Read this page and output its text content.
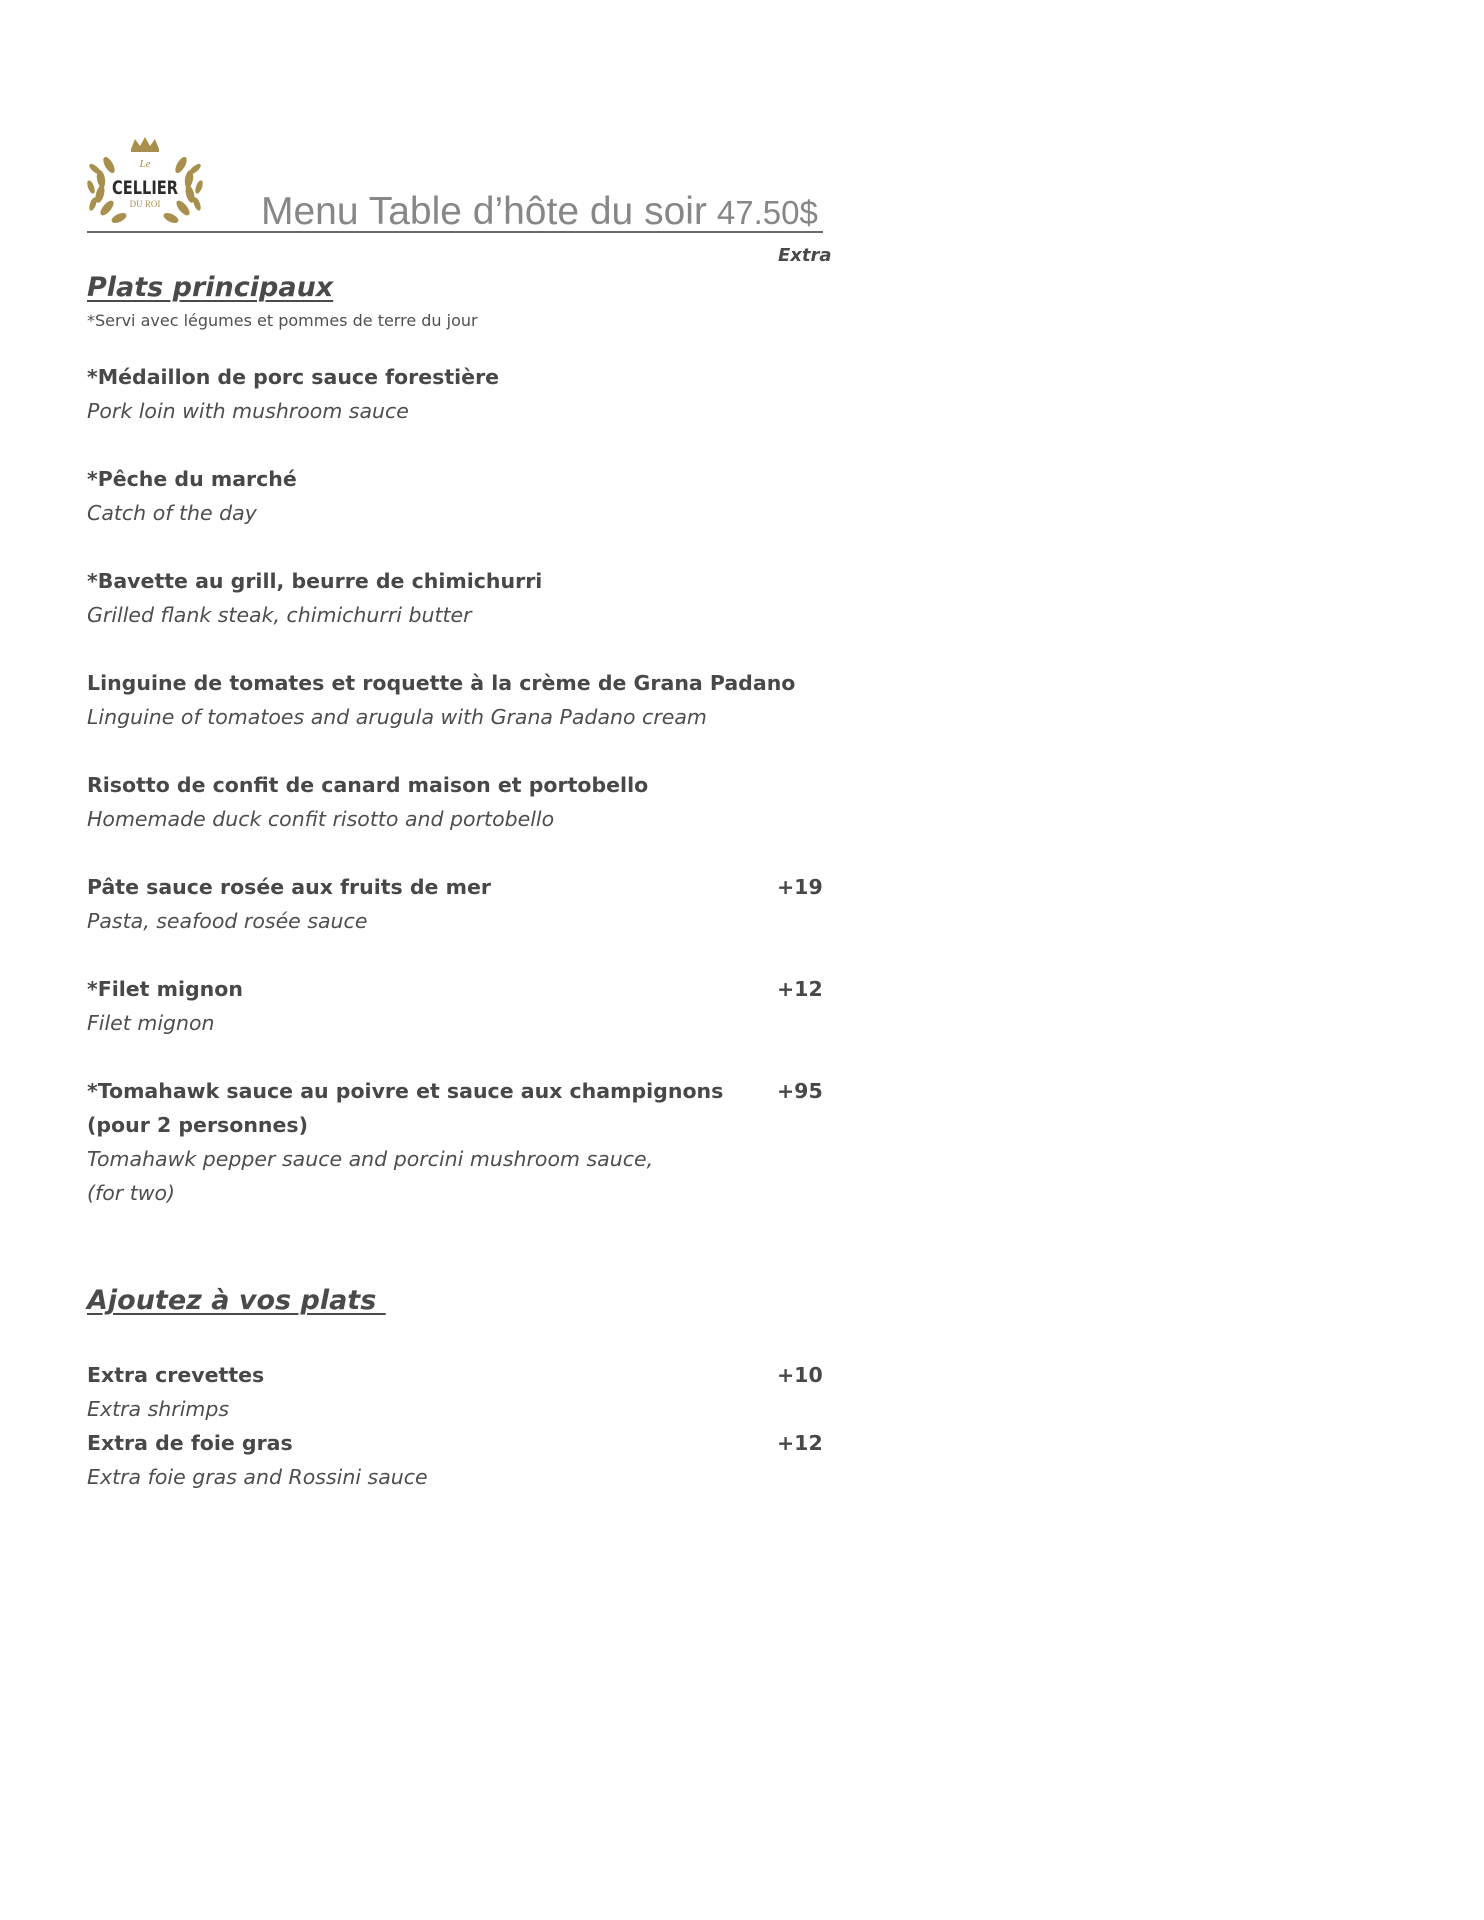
Le
CELLIER
DU ROI	Menu Table d’hôte du soir 47.50$
Extra
Plats principaux
*Servi avec légumes et pommes de terre du jour
*Médaillon de porc sauce forestière
Pork loin with mushroom sauce
*Pêche du marché
Catch of the day
*Bavette au grill, beurre de chimichurri
Grilled flank steak, chimichurri butter
Linguine de tomates et roquette à la crème de Grana Padano
Linguine of tomatoes and arugula with Grana Padano cream
Risotto de confit de canard maison et portobello
Homemade duck confit risotto and portobello
Pâte sauce rosée aux fruits de mer
Pasta, seafood rosée sauce
+19
*Filet mignon
Filet mignon
+12
*Tomahawk sauce au poivre et sauce aux champignons
(pour 2 personnes)
Tomahawk pepper sauce and porcini mushroom sauce,
(for two)
+95
Ajoutez à vos plats
Extra crevettes
Extra shrimps
+10
Extra de foie gras
Extra foie gras and Rossini sauce
+12
